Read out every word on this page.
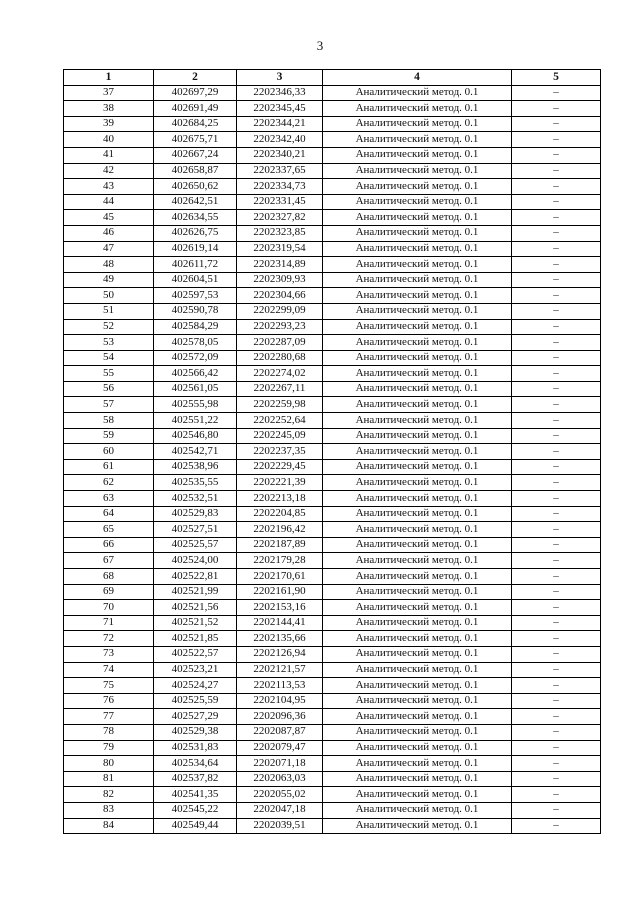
3
1	2	3	4	5
37	402697,29	2202346,33	Аналитический метод. 0.1	–
38	402691,49	2202345,45	Аналитический метод. 0.1	–
39	402684,25	2202344,21	Аналитический метод. 0.1	–
40	402675,71	2202342,40	Аналитический метод. 0.1	–
41	402667,24	2202340,21	Аналитический метод. 0.1	–
42	402658,87	2202337,65	Аналитический метод. 0.1	–
43	402650,62	2202334,73	Аналитический метод. 0.1	–
44	402642,51	2202331,45	Аналитический метод. 0.1	–
45	402634,55	2202327,82	Аналитический метод. 0.1	–
46	402626,75	2202323,85	Аналитический метод. 0.1	–
47	402619,14	2202319,54	Аналитический метод. 0.1	–
48	402611,72	2202314,89	Аналитический метод. 0.1	–
49	402604,51	2202309,93	Аналитический метод. 0.1	–
50	402597,53	2202304,66	Аналитический метод. 0.1	–
51	402590,78	2202299,09	Аналитический метод. 0.1	–
52	402584,29	2202293,23	Аналитический метод. 0.1	–
53	402578,05	2202287,09	Аналитический метод. 0.1	–
54	402572,09	2202280,68	Аналитический метод. 0.1	–
55	402566,42	2202274,02	Аналитический метод. 0.1	–
56	402561,05	2202267,11	Аналитический метод. 0.1	–
57	402555,98	2202259,98	Аналитический метод. 0.1	–
58	402551,22	2202252,64	Аналитический метод. 0.1	–
59	402546,80	2202245,09	Аналитический метод. 0.1	–
60	402542,71	2202237,35	Аналитический метод. 0.1	–
61	402538,96	2202229,45	Аналитический метод. 0.1	–
62	402535,55	2202221,39	Аналитический метод. 0.1	–
63	402532,51	2202213,18	Аналитический метод. 0.1	–
64	402529,83	2202204,85	Аналитический метод. 0.1	–
65	402527,51	2202196,42	Аналитический метод. 0.1	–
66	402525,57	2202187,89	Аналитический метод. 0.1	–
67	402524,00	2202179,28	Аналитический метод. 0.1	–
68	402522,81	2202170,61	Аналитический метод. 0.1	–
69	402521,99	2202161,90	Аналитический метод. 0.1	–
70	402521,56	2202153,16	Аналитический метод. 0.1	–
71	402521,52	2202144,41	Аналитический метод. 0.1	–
72	402521,85	2202135,66	Аналитический метод. 0.1	–
73	402522,57	2202126,94	Аналитический метод. 0.1	–
74	402523,21	2202121,57	Аналитический метод. 0.1	–
75	402524,27	2202113,53	Аналитический метод. 0.1	–
76	402525,59	2202104,95	Аналитический метод. 0.1	–
77	402527,29	2202096,36	Аналитический метод. 0.1	–
78	402529,38	2202087,87	Аналитический метод. 0.1	–
79	402531,83	2202079,47	Аналитический метод. 0.1	–
80	402534,64	2202071,18	Аналитический метод. 0.1	–
81	402537,82	2202063,03	Аналитический метод. 0.1	–
82	402541,35	2202055,02	Аналитический метод. 0.1	–
83	402545,22	2202047,18	Аналитический метод. 0.1	–
84	402549,44	2202039,51	Аналитический метод. 0.1	–
